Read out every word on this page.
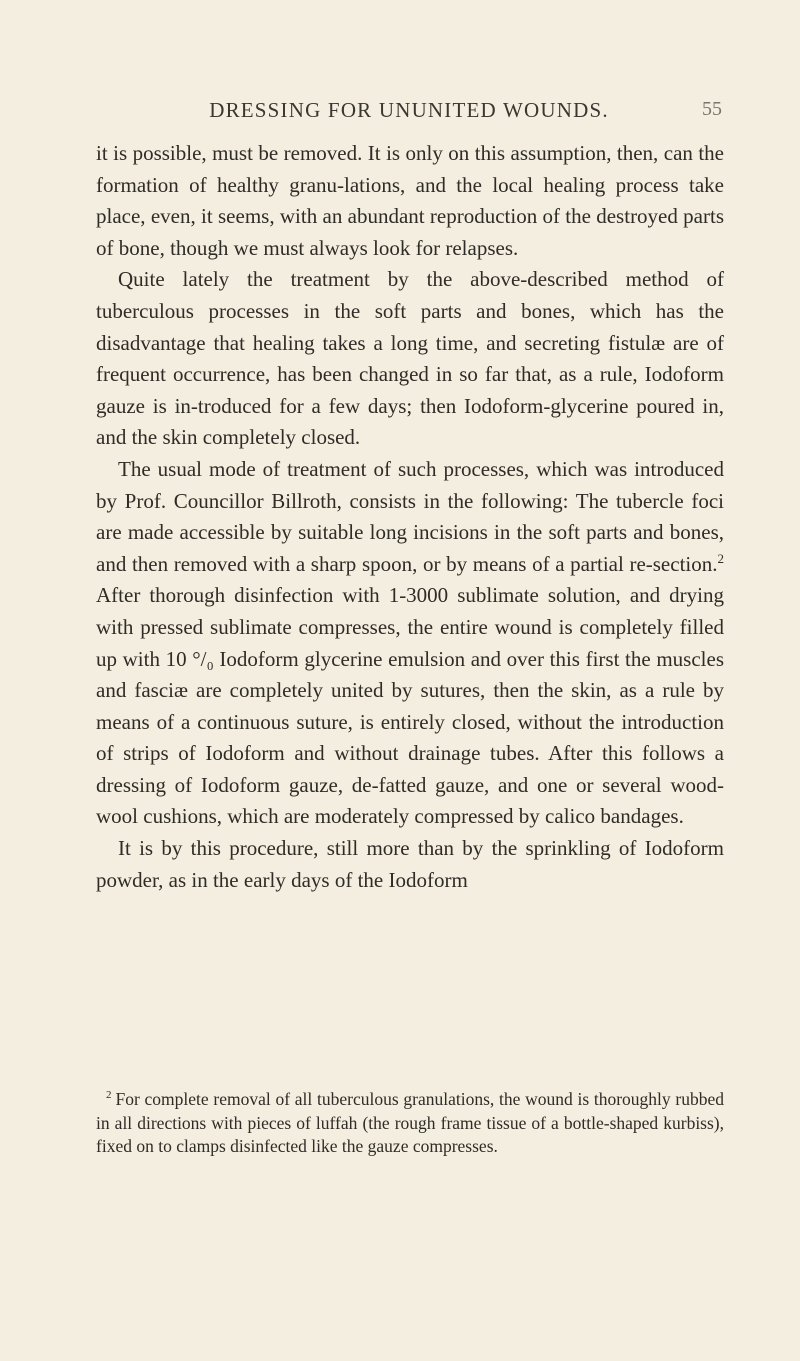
DRESSING FOR UNUNITED WOUNDS.	55

it is possible, must be removed. It is only on this assumption, then, can the formation of healthy granu-lations, and the local healing process take place, even, it seems, with an abundant reproduction of the destroyed parts of bone, though we must always look for relapses.

Quite lately the treatment by the above-described method of tuberculous processes in the soft parts and bones, which has the disadvantage that healing takes a long time, and secreting fistulæ are of frequent occurrence, has been changed in so far that, as a rule, Iodoform gauze is in-troduced for a few days; then Iodoform-glycerine poured in, and the skin completely closed.

The usual mode of treatment of such processes, which was introduced by Prof. Councillor Billroth, consists in the following: The tubercle foci are made accessible by suitable long incisions in the soft parts and bones, and then removed with a sharp spoon, or by means of a partial re-section.$^2$ After thorough disinfection with 1-3000 sublimate solution, and drying with pressed sublimate compresses, the entire wound is completely filled up with 10 °/₀ Iodoform glycerine emulsion and over this first the muscles and fasciæ are completely united by sutures, then the skin, as a rule by means of a continuous suture, is entirely closed, without the introduction of strips of Iodoform and without drainage tubes. After this follows a dressing of Iodoform gauze, de-fatted gauze, and one or several wood-wool cushions, which are moderately compressed by calico bandages.

It is by this procedure, still more than by the sprinkling of Iodoform powder, as in the early days of the Iodoform

$^2$ For complete removal of all tuberculous granulations, the wound is thoroughly rubbed in all directions with pieces of luffah (the rough frame tissue of a bottle-shaped kurbiss), fixed on to clamps disinfected like the gauze compresses.
